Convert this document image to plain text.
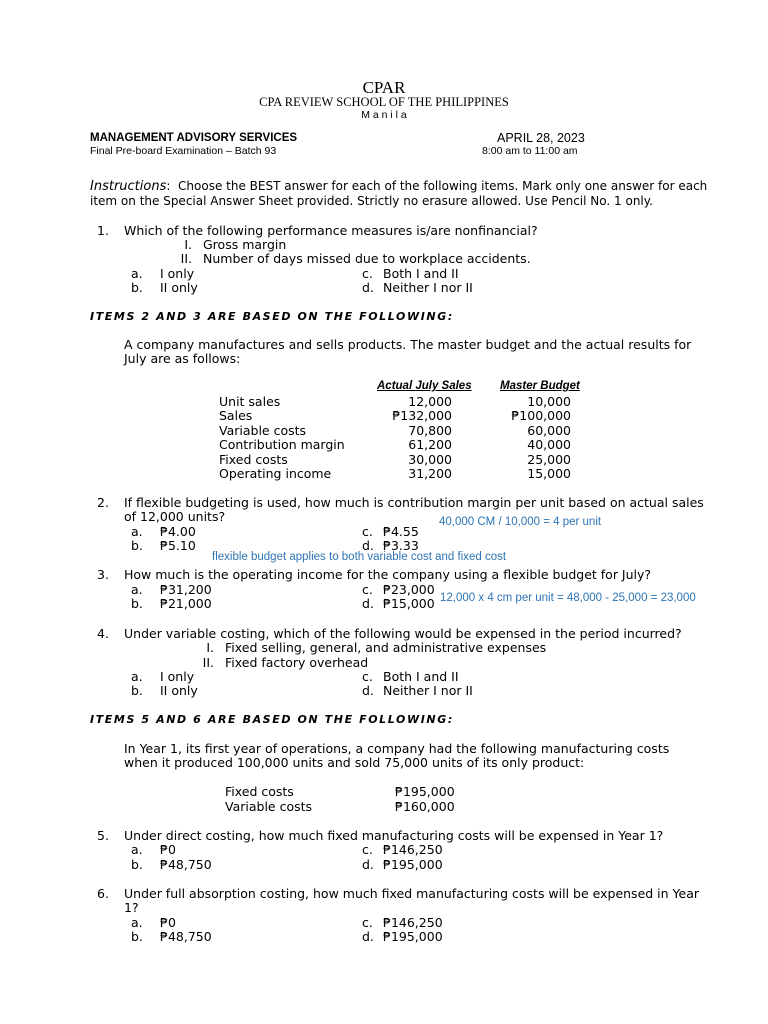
CPAR
CPA REVIEW SCHOOL OF THE PHILIPPINES
M a n i l a
MANAGEMENT ADVISORY SERVICES
Final Pre-board Examination – Batch 93
APRIL 28, 2023
8:00 am to 11:00 am
Instructions: Choose the BEST answer for each of the following items. Mark only one answer for each
item on the Special Answer Sheet provided. Strictly no erasure allowed. Use Pencil No. 1 only.
1. Which of the following performance measures is/are nonfinancial?
I. Gross margin
II. Number of days missed due to workplace accidents.
a. I only
b. II only
c. Both I and II
d. Neither I nor II
ITEMS 2 AND 3 ARE BASED ON THE FOLLOWING:
A company manufactures and sells products. The master budget and the actual results for
July are as follows:
Actual July Sales Master Budget
Unit sales	12,000	10,000
Sales	₱132,000	₱100,000
Variable costs	70,800	60,000
Contribution margin	61,200	40,000
Fixed costs	30,000	25,000
Operating income	31,200	15,000
2. If flexible budgeting is used, how much is contribution margin per unit based on actual sales
of 12,000 units?	40,000 CM / 10,000 = 4 per unit
a. ₱4.00
b. ₱5.10
c. ₱4.55
d. ₱3.33
flexible budget applies to both variable cost and fixed cost
3. How much is the operating income for the company using a flexible budget for July?
a. ₱31,200
b. ₱21,000
c. ₱23,000
d. ₱15,000 12,000 x 4 cm per unit = 48,000 - 25,000 = 23,000
4. Under variable costing, which of the following would be expensed in the period incurred?
I. Fixed selling, general, and administrative expenses
II. Fixed factory overhead
a. I only
b. II only
c. Both I and II
d. Neither I nor II
ITEMS 5 AND 6 ARE BASED ON THE FOLLOWING:
In Year 1, its first year of operations, a company had the following manufacturing costs
when it produced 100,000 units and sold 75,000 units of its only product:
Fixed costs	₱195,000
Variable costs	₱160,000
5. Under direct costing, how much fixed manufacturing costs will be expensed in Year 1?
a. ₱0
b. ₱48,750
c. ₱146,250
d. ₱195,000
6. Under full absorption costing, how much fixed manufacturing costs will be expensed in Year
1?
a. ₱0
b. ₱48,750
c. ₱146,250
d. ₱195,000
